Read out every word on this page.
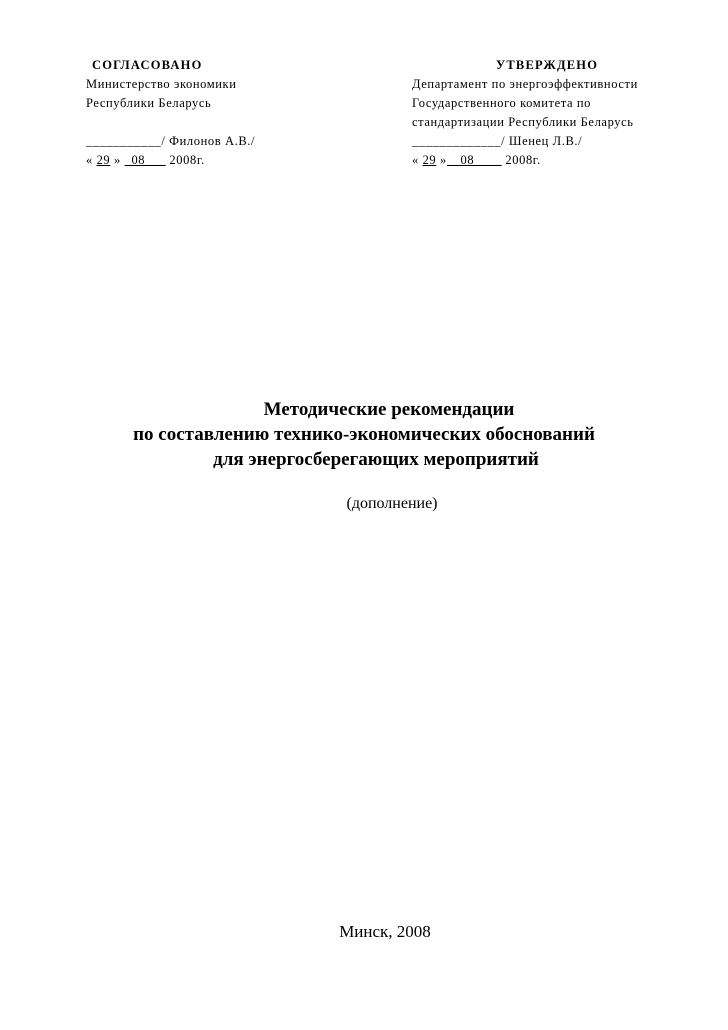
СОГЛАСОВАНО
Министерство экономики
Республики Беларусь
___________/ Филонов А.В./
« 29 » _08___ 2008г.
УТВЕРЖДЕНО
Департамент по энергоэффективности
Государственного комитета по
стандартизации Республики Беларусь
_____________/ Шенец Л.В./
« 29 »__08____ 2008г.
Методические рекомендации
по составлению технико-экономических обоснований
для энергосберегающих мероприятий
(дополнение)
Минск, 2008
